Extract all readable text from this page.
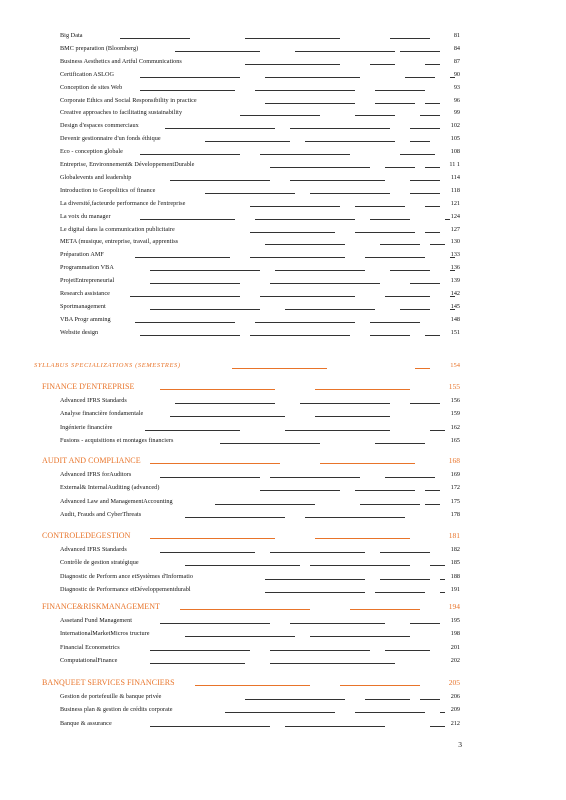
Big Data	81
BMC preparation (Bloomberg)	84
Business Aesthetics and Artful Communications	87
Certification ASLOG	90
Conception de sites Web	93
Corporate Ethics and Social Responsibility in practice	96
Creative approaches to facilitating sustainability	99
Design d'espaces commerciaux	102
Devenir gestionnaire d'un fonds éthique	105
Eco - conception globale	108
Entreprise, Environnement& DéveloppementDurable	11 1
Globalevents and leadership	114
Introduction to Geopolitics of finance	118
La diversité,facteurde performance de l'entreprise	121
La voix du manager	124
Le digital dans la communication publicitaire	127
META (musique, entreprise, travail, apprentiss	130
Préparation AMF	133
Programmation VBA	136
ProjetEntrepreneurial	139
Research assistance	142
Sportmanagement	145
VBA Progr amming	148
Website design	151
SYLLABUS SPECIALIZATIONS (SEMESTRES)	154
FINANCE D'ENTREPRISE	155
Advanced IFRS Standards	156
Analyse financière fondamentale	159
Ingénierie financière	162
Fusions - acquisitions et montages financiers	165
AUDIT AND COMPLIANCE	168
Advanced IFRS forAuditors	169
External& InternalAuditing (advanced)	172
Advanced Law and ManagementAccounting	175
Audit, Frauds and CyberThreats	178
CONTROLEDEGESTION	181
Advanced IFRS Standards	182
Contrôle de gestion stratégique	185
Diagnostic de Perform ance etSystèmes d'Informatio	188
Diagnostic de Performance etDéveloppementdurabl	191
FINANCE&RISKMANAGEMENT	194
Assetand Fund Management	195
InternationalMarketMicros tructure	198
Financial Econometrics	201
ComputationalFinance	202
BANQUEET SERVICES FINANCIERS	205
Gestion de portefeuille & banque privée	206
Business plan & gestion de crédits corporate	209
Banque & assurance	212
3
